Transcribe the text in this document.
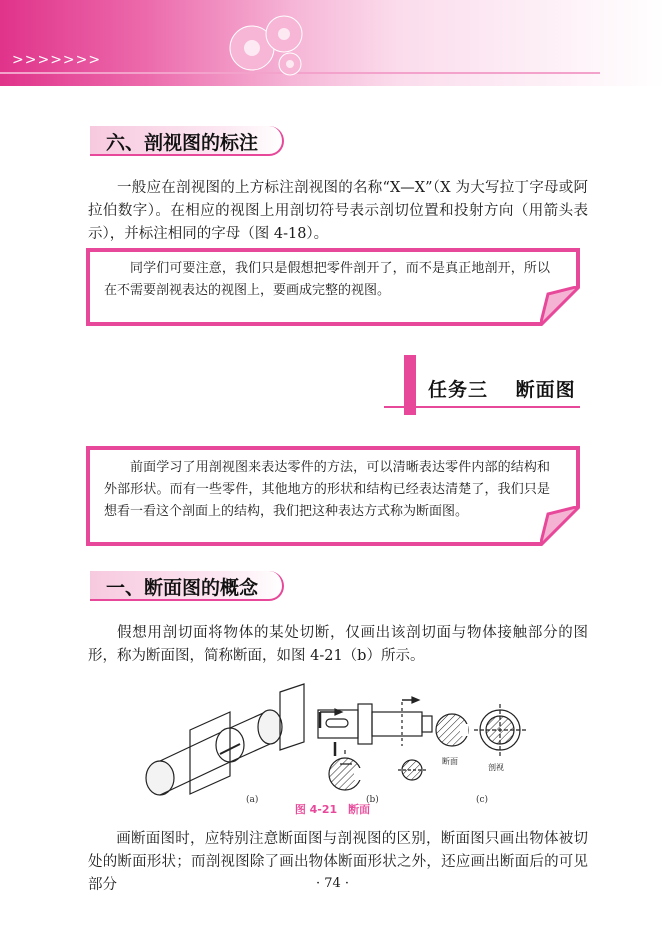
>>>>>>>
六、剖视图的标注
一般应在剖视图的上方标注剖视图的名称“X—X”（X 为大写拉丁字母或阿拉伯数字）。在相应的视图上用剖切符号表示剖切位置和投射方向（用箭头表示），并标注相同的字母（图 4-18）。
同学们可要注意，我们只是假想把零件剖开了，而不是真正地剖开，所以在不需要剖视表达的视图上，要画成完整的视图。
任务三　 断面图
前面学习了用剖视图来表达零件的方法，可以清晰表达零件内部的结构和外部形状。而有一些零件，其他地方的形状和结构已经表达清楚了，我们只是想看一看这个剖面上的结构，我们把这种表达方式称为断面图。
一、断面图的概念
假想用剖切面将物体的某处切断，仅画出该剖切面与物体接触部分的图形，称为断面图，简称断面，如图 4-21（b）所示。
断面
剖视
(a)	(b)	(c)
图 4-21　断面
画断面图时，应特别注意断面图与剖视图的区别，断面图只画出物体被切处的断面形状；而剖视图除了画出物体断面形状之外，还应画出断面后的可见部分	· 74 ·
